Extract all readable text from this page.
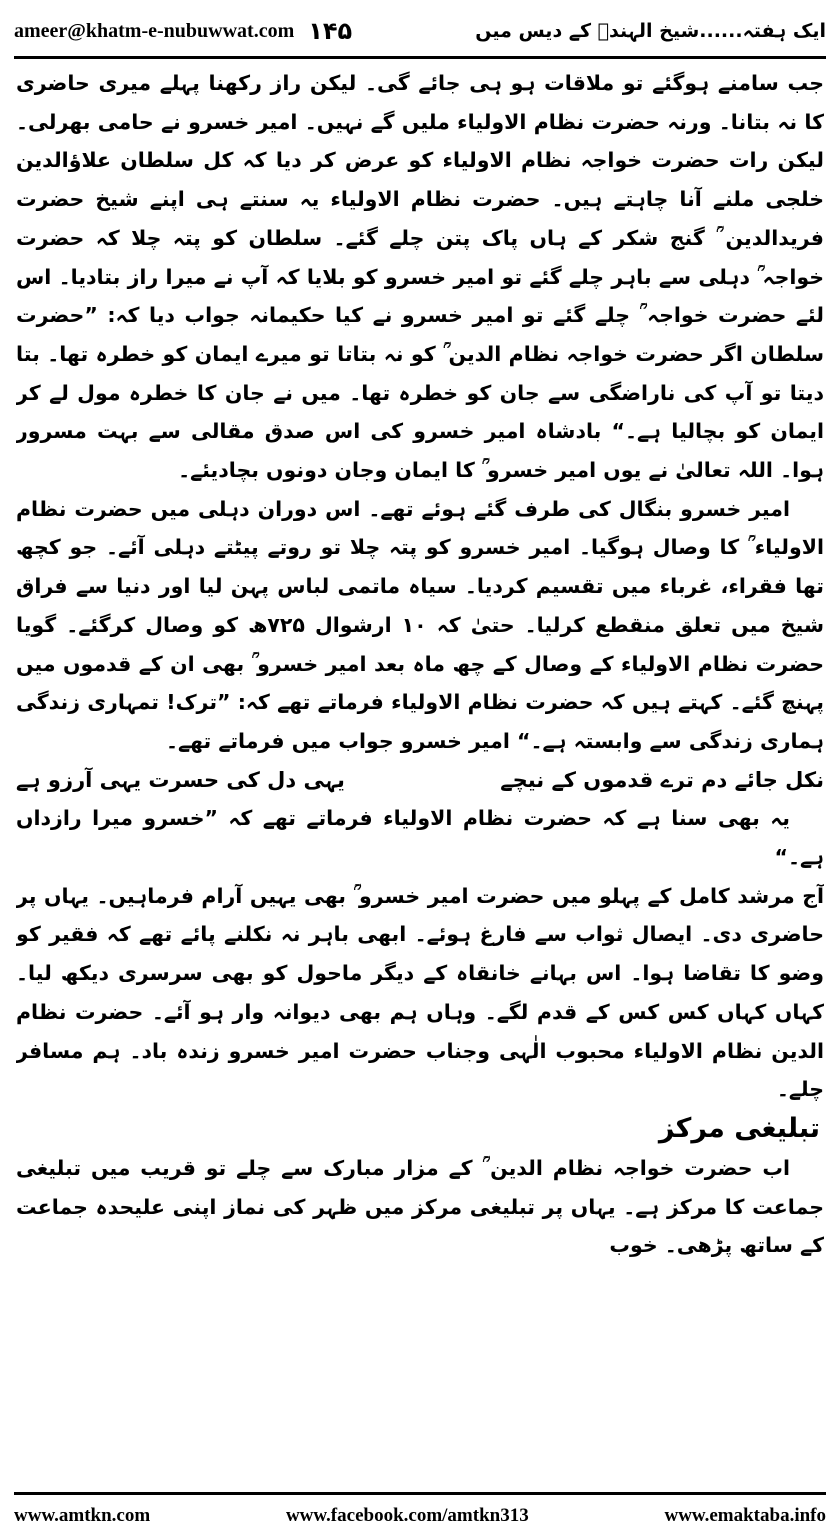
ameer@khatm-e-nubuwwat.com ۱۴۵	ایک ہفتہ......شیخ الہندؒ کے دیس میں

جب سامنے ہوگئے تو ملاقات ہو ہی جائے گی۔ لیکن راز رکھنا پہلے میری حاضری کا نہ بتانا۔ ورنہ حضرت نظام الاولیاء ملیں گے نہیں۔ امیر خسرو نے حامی بھرلی۔ لیکن رات حضرت خواجہ نظام الاولیاء کو عرض کر دیا کہ کل سلطان علاؤالدین خلجی ملنے آنا چاہتے ہیں۔ حضرت نظام الاولیاء یہ سنتے ہی اپنے شیخ حضرت فریدالدین ؒ گنج شکر کے ہاں پاک پتن چلے گئے۔ سلطان کو پتہ چلا کہ حضرت خواجہ ؒ دہلی سے باہر چلے گئے تو امیر خسرو کو بلایا کہ آپ نے میرا راز بتادیا۔ اس لئے حضرت خواجہ ؒ چلے گئے تو امیر خسرو نے کیا حکیمانہ جواب دیا کہ: ”حضرت سلطان اگر حضرت خواجہ نظام الدین ؒ کو نہ بتاتا تو میرے ایمان کو خطرہ تھا۔ بتا دیتا تو آپ کی ناراضگی سے جان کو خطرہ تھا۔ میں نے جان کا خطرہ مول لے کر ایمان کو بچالیا ہے۔“ بادشاہ امیر خسرو کی اس صدق مقالی سے بہت مسرور ہوا۔ اللہ تعالیٰ نے یوں امیر خسرو ؒ کا ایمان وجان دونوں بچادیئے۔

امیر خسرو بنگال کی طرف گئے ہوئے تھے۔ اس دوران دہلی میں حضرت نظام الاولیاء ؒ کا وصال ہوگیا۔ امیر خسرو کو پتہ چلا تو روتے پیٹتے دہلی آئے۔ جو کچھ تھا فقراء، غرباء میں تقسیم کردیا۔ سیاہ ماتمی لباس پہن لیا اور دنیا سے فراق شیخ میں تعلق منقطع کرلیا۔ حتیٰ کہ ۱۰ ارشوال ۷۲۵ھ کو وصال کرگئے۔ گویا حضرت نظام الاولیاء کے وصال کے چھ ماہ بعد امیر خسرو ؒ بھی ان کے قدموں میں پہنچ گئے۔ کہتے ہیں کہ حضرت نظام الاولیاء فرماتے تھے کہ: ”ترک! تمہاری زندگی ہماری زندگی سے وابستہ ہے۔“ امیر خسرو جواب میں فرماتے تھے۔

نکل جائے دم ترے قدموں کے نیچے
یہی دل کی حسرت یہی آرزو ہے

یہ بھی سنا ہے کہ حضرت نظام الاولیاء فرماتے تھے کہ ”خسرو میرا رازداں ہے۔“

آج مرشد کامل کے پہلو میں حضرت امیر خسرو ؒ بھی یہیں آرام فرماہیں۔ یہاں پر حاضری دی۔ ایصال ثواب سے فارغ ہوئے۔ ابھی باہر نہ نکلنے پائے تھے کہ فقیر کو وضو کا تقاضا ہوا۔ اس بہانے خانقاہ کے دیگر ماحول کو بھی سرسری دیکھ لیا۔ کہاں کہاں کس کس کے قدم لگے۔ وہاں ہم بھی دیوانہ وار ہو آئے۔ حضرت نظام الدین نظام الاولیاء محبوب الٰہی وجناب حضرت امیر خسرو زندہ باد۔ ہم مسافر چلے۔

تبلیغی مرکز

اب حضرت خواجہ نظام الدین ؒ کے مزار مبارک سے چلے تو قریب میں تبلیغی جماعت کا مرکز ہے۔ یہاں پر تبلیغی مرکز میں ظہر کی نماز اپنی علیحدہ جماعت کے ساتھ پڑھی۔ خوب

www.amtkn.com	www.facebook.com/amtkn313	www.emaktaba.info
